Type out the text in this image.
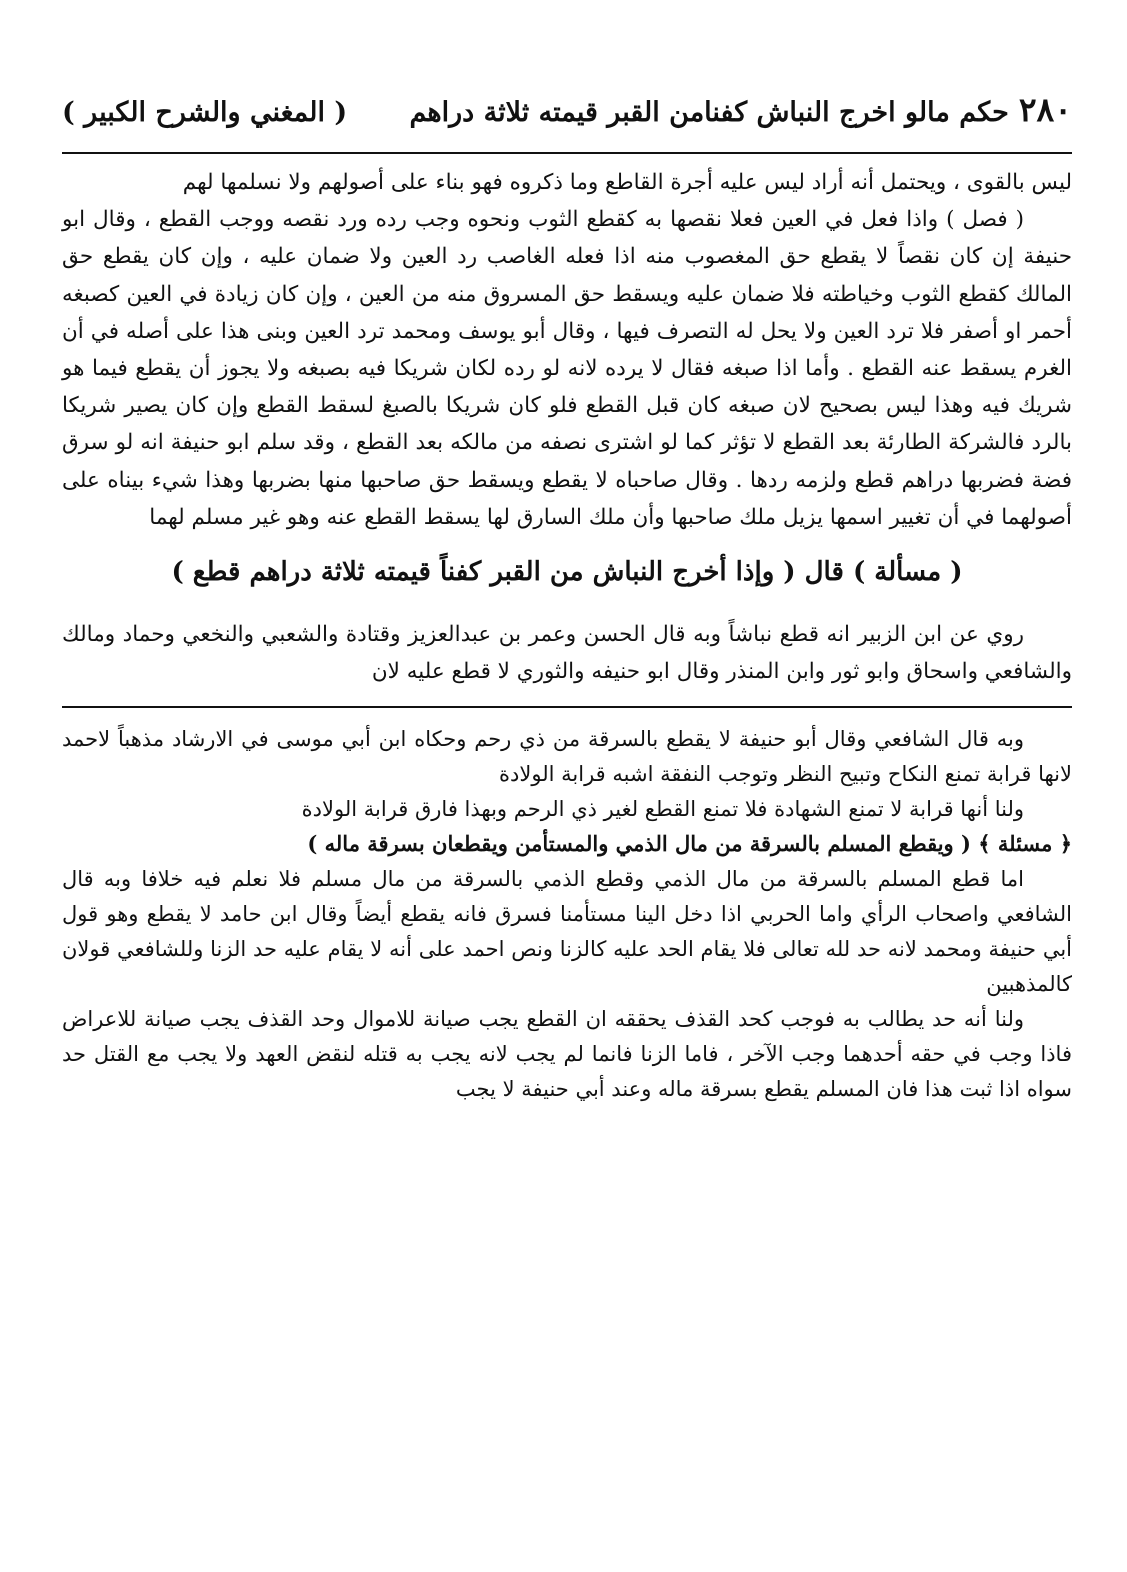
٢٨٠
حكم مالو اخرج النباش كفنامن القبر قيمته ثلاثة دراهم
( المغني والشرح الكبير )

ليس بالقوى ، ويحتمل أنه أراد ليس عليه أجرة القاطع وما ذكروه فهو بناء على أصولهم ولا نسلمها لهم

( فصل ) واذا فعل في العين فعلا نقصها به كقطع الثوب ونحوه وجب رده ورد نقصه ووجب القطع ، وقال ابو حنيفة إن كان نقصاً لا يقطع حق المغصوب منه اذا فعله الغاصب رد العين ولا ضمان عليه ، وإن كان يقطع حق المالك كقطع الثوب وخياطته فلا ضمان عليه ويسقط حق المسروق منه من العين ، وإن كان زيادة في العين كصبغه أحمر او أصفر فلا ترد العين ولا يحل له التصرف فيها ، وقال أبو يوسف ومحمد ترد العين وبنى هذا على أصله في أن الغرم يسقط عنه القطع . وأما اذا صبغه فقال لا يرده لانه لو رده لكان شريكا فيه بصبغه ولا يجوز أن يقطع فيما هو شريك فيه وهذا ليس بصحيح لان صبغه كان قبل القطع فلو كان شريكا بالصبغ لسقط القطع وإن كان يصير شريكا بالرد فالشركة الطارئة بعد القطع لا تؤثر كما لو اشترى نصفه من مالكه بعد القطع ، وقد سلم ابو حنيفة انه لو سرق فضة فضربها دراهم قطع ولزمه ردها . وقال صاحباه لا يقطع ويسقط حق صاحبها منها بضربها وهذا شيء بيناه على أصولهما في أن تغيير اسمها يزيل ملك صاحبها وأن ملك السارق لها يسقط القطع عنه وهو غير مسلم لهما

( مسألة ) قال ( وإذا أخرج النباش من القبر كفناً قيمته ثلاثة دراهم قطع )

روي عن ابن الزبير انه قطع نباشاً وبه قال الحسن وعمر بن عبدالعزيز وقتادة والشعبي والنخعي وحماد ومالك والشافعي واسحاق وابو ثور وابن المنذر وقال ابو حنيفه والثوري لا قطع عليه لان

وبه قال الشافعي وقال أبو حنيفة لا يقطع بالسرقة من ذي رحم وحكاه ابن أبي موسى في الارشاد مذهباً لاحمد لانها قرابة تمنع النكاح وتبيح النظر وتوجب النفقة اشبه قرابة الولادة

ولنا أنها قرابة لا تمنع الشهادة فلا تمنع القطع لغير ذي الرحم وبهذا فارق قرابة الولادة

﴿ مسئلة ﴾ ( ويقطع المسلم بالسرقة من مال الذمي والمستأمن ويقطعان بسرقة ماله )

اما قطع المسلم بالسرقة من مال الذمي وقطع الذمي بالسرقة من مال مسلم فلا نعلم فيه خلافا وبه قال الشافعي واصحاب الرأي واما الحربي اذا دخل الينا مستأمنا فسرق فانه يقطع أيضاً وقال ابن حامد لا يقطع وهو قول أبي حنيفة ومحمد لانه حد لله تعالى فلا يقام الحد عليه كالزنا ونص احمد على أنه لا يقام عليه حد الزنا وللشافعي قولان كالمذهبين

ولنا أنه حد يطالب به فوجب كحد القذف يحققه ان القطع يجب صيانة للاموال وحد القذف يجب صيانة للاعراض فاذا وجب في حقه أحدهما وجب الآخر ، فاما الزنا فانما لم يجب لانه يجب به قتله لنقض العهد ولا يجب مع القتل حد سواه اذا ثبت هذا فان المسلم يقطع بسرقة ماله وعند أبي حنيفة لا يجب
